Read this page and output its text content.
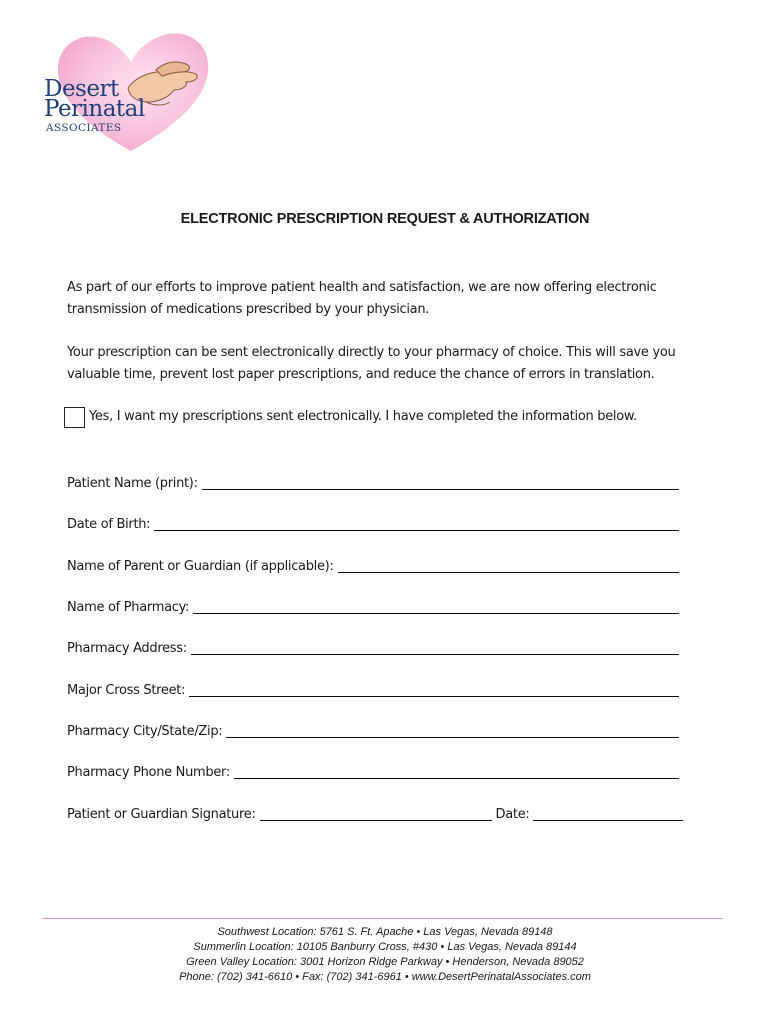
Desert
Perinatal
ASSOCIATES
ELECTRONIC PRESCRIPTION REQUEST & AUTHORIZATION
As part of our efforts to improve patient health and satisfaction, we are now offering electronic transmission of medications prescribed by your physician.
Your prescription can be sent electronically directly to your pharmacy of choice. This will save you valuable time, prevent lost paper prescriptions, and reduce the chance of errors in translation.
Yes, I want my prescriptions sent electronically. I have completed the information below.
Patient Name (print):
Date of Birth:
Name of Parent or Guardian (if applicable):
Name of Pharmacy:
Pharmacy Address:
Major Cross Street:
Pharmacy City/State/Zip:
Pharmacy Phone Number:
Patient or Guardian Signature:	Date:
Southwest Location: 5761 S. Ft. Apache • Las Vegas, Nevada 89148
Summerlin Location: 10105 Banburry Cross, #430 • Las Vegas, Nevada 89144
Green Valley Location: 3001 Horizon Ridge Parkway • Henderson, Nevada 89052
Phone: (702) 341-6610 • Fax: (702) 341-6961 • www.DesertPerinatalAssociates.com
